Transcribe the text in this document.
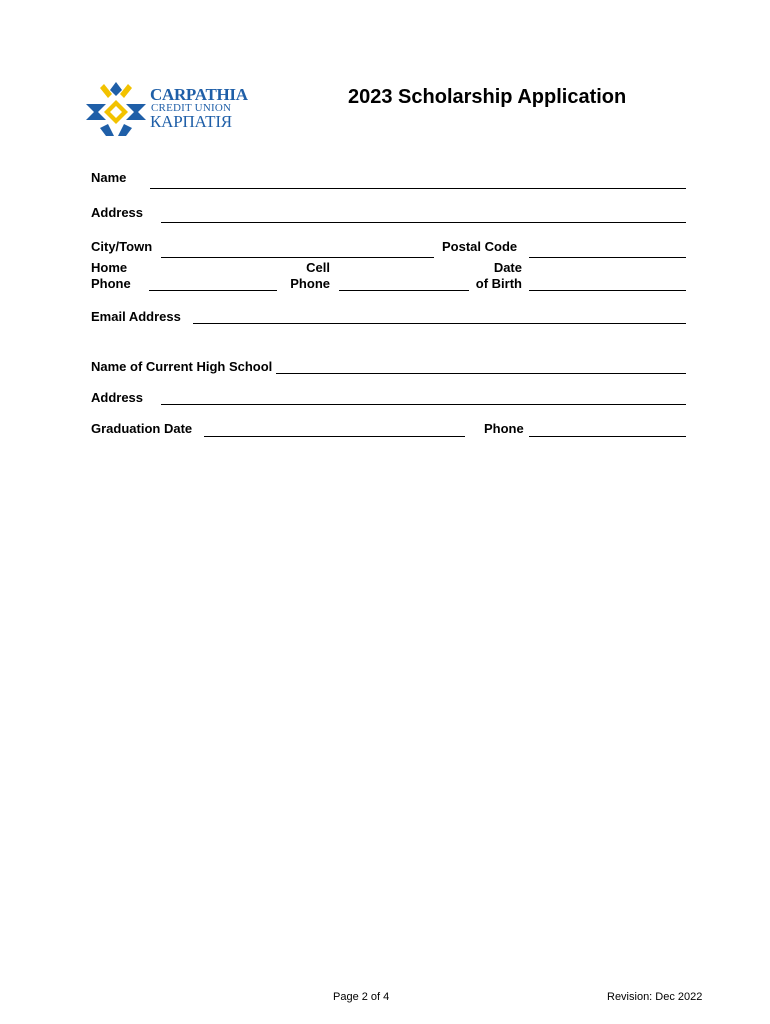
CARPATHIA
CREDIT UNION
КАРПАТІЯ
2023 Scholarship Application
Name
Address
City/Town	Postal Code
Home
Phone
Cell
Phone
Date
of Birth
Email Address
Name of Current High School
Address
Graduation Date	Phone
Page 2 of 4	Revision: Dec 2022
